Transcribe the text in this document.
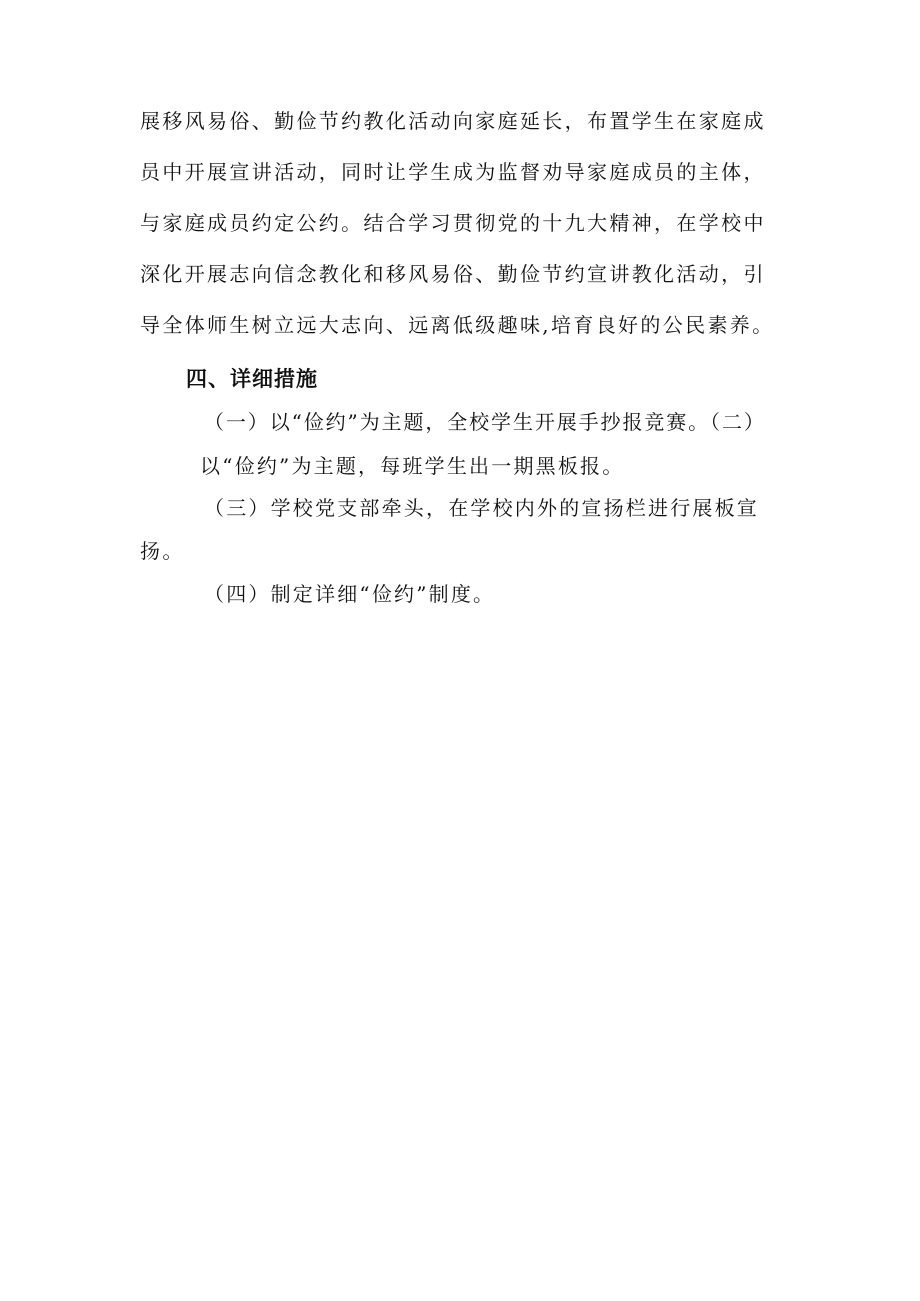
展移风易俗、勤俭节约教化活动向家庭延长，布置学生在家庭成
员中开展宣讲活动，同时让学生成为监督劝导家庭成员的主体，
与家庭成员约定公约。结合学习贯彻党的十九大精神，在学校中
深化开展志向信念教化和移风易俗、勤俭节约宣讲教化活动，引
导全体师生树立远大志向、远离低级趣味,培育良好的公民素养。
四、详细措施
（一）以“俭约”为主题，全校学生开展手抄报竞赛。（二）
以“俭约”为主题，每班学生出一期黑板报。
（三）学校党支部牵头，在学校内外的宣扬栏进行展板宣
扬。
（四）制定详细“俭约”制度。
